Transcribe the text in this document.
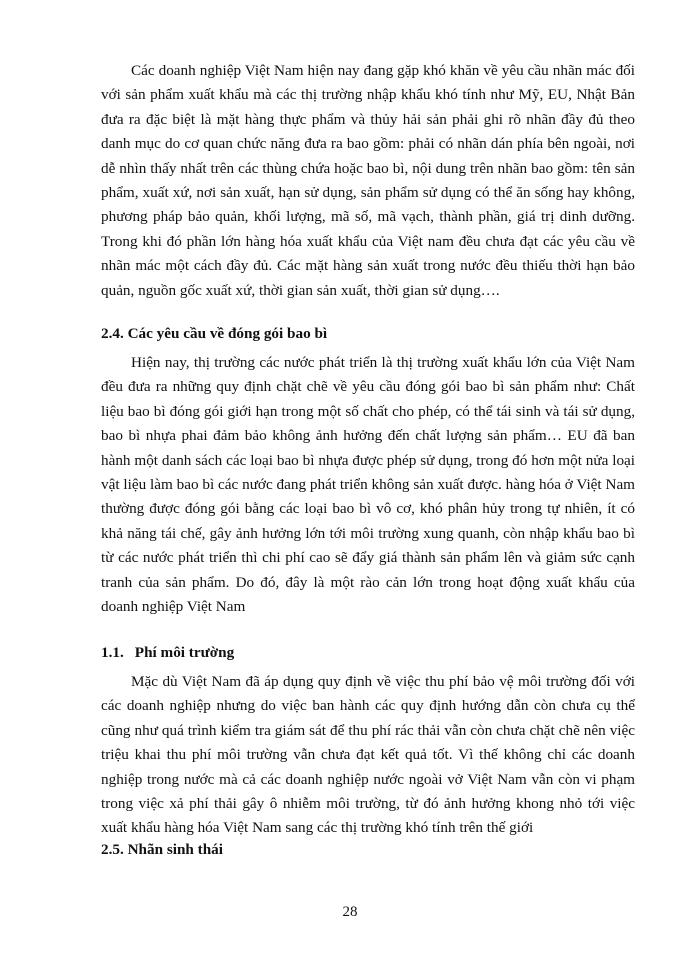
Các doanh nghiệp Việt Nam hiện nay đang gặp khó khăn về yêu cầu nhãn mác đối với sản phẩm xuất khẩu mà các thị trường nhập khẩu khó tính như Mỹ, EU, Nhật Bản đưa ra đặc biệt là mặt hàng thực phẩm và thủy hải sản phải ghi rõ nhãn đầy đủ theo danh mục do cơ quan chức năng đưa ra bao gồm: phải có nhãn dán phía bên ngoài, nơi dễ nhìn thấy nhất trên các thùng chứa hoặc bao bì, nội dung trên nhãn bao gồm: tên sản phẩm, xuất xứ, nơi sản xuất, hạn sử dụng, sản phẩm sử dụng có thể ăn sống hay không, phương pháp bảo quản, khối lượng, mã số, mã vạch, thành phần, giá trị dinh dưỡng. Trong khi đó phần lớn hàng hóa xuất khẩu của Việt nam đều chưa đạt các yêu cầu về nhãn mác một cách đầy đủ. Các mặt hàng sản xuất trong nước đều thiếu thời hạn bảo quản, nguồn gốc xuất xứ, thời gian sản xuất, thời gian sử dụng….

2.4. Các yêu cầu về đóng gói bao bì

Hiện nay, thị trường các nước phát triển là thị trường xuất khẩu lớn của Việt Nam đều đưa ra những quy định chặt chẽ về yêu cầu đóng gói bao bì sản phẩm như: Chất liệu bao bì đóng gói giới hạn trong một số chất cho phép, có thể tái sinh và tái sử dụng, bao bì nhựa phai đảm bảo không ảnh hưởng đến chất lượng sản phẩm… EU đã ban hành một danh sách các loại bao bì nhựa được phép sử dụng, trong đó hơn một nửa loại vật liệu làm bao bì các nước đang phát triển không sản xuất được. hàng hóa ở Việt Nam thường được đóng gói bằng các loại bao bì vô cơ, khó phân hủy trong tự nhiên, ít có khả năng tái chế, gây ảnh hưởng lớn tới môi trường xung quanh, còn nhập khẩu bao bì từ các nước phát triển thì chi phí cao sẽ đẩy giá thành sản phẩm lên và giảm sức cạnh tranh của sản phẩm. Do đó, đây là một rào cản lớn trong hoạt động xuất khẩu của doanh nghiệp Việt Nam

1.1. Phí môi trường

Mặc dù Việt Nam đã áp dụng quy định về việc thu phí bảo vệ môi trường đối với các doanh nghiệp nhưng do việc ban hành các quy định hướng dẫn còn chưa cụ thể cũng như quá trình kiểm tra giám sát để thu phí rác thải vẫn còn chưa chặt chẽ nên việc triệu khai thu phí môi trường vẫn chưa đạt kết quả tốt. Vì thế không chỉ các doanh nghiệp trong nước mà cả các doanh nghiệp nước ngoài vở Việt Nam vẫn còn vi phạm trong việc xả phí thải gây ô nhiễm môi trường, từ đó ảnh hưởng khong nhỏ tới việc xuất khẩu hàng hóa Việt Nam sang các thị trường khó tính trên thế giới

2.5. Nhãn sinh thái
28
